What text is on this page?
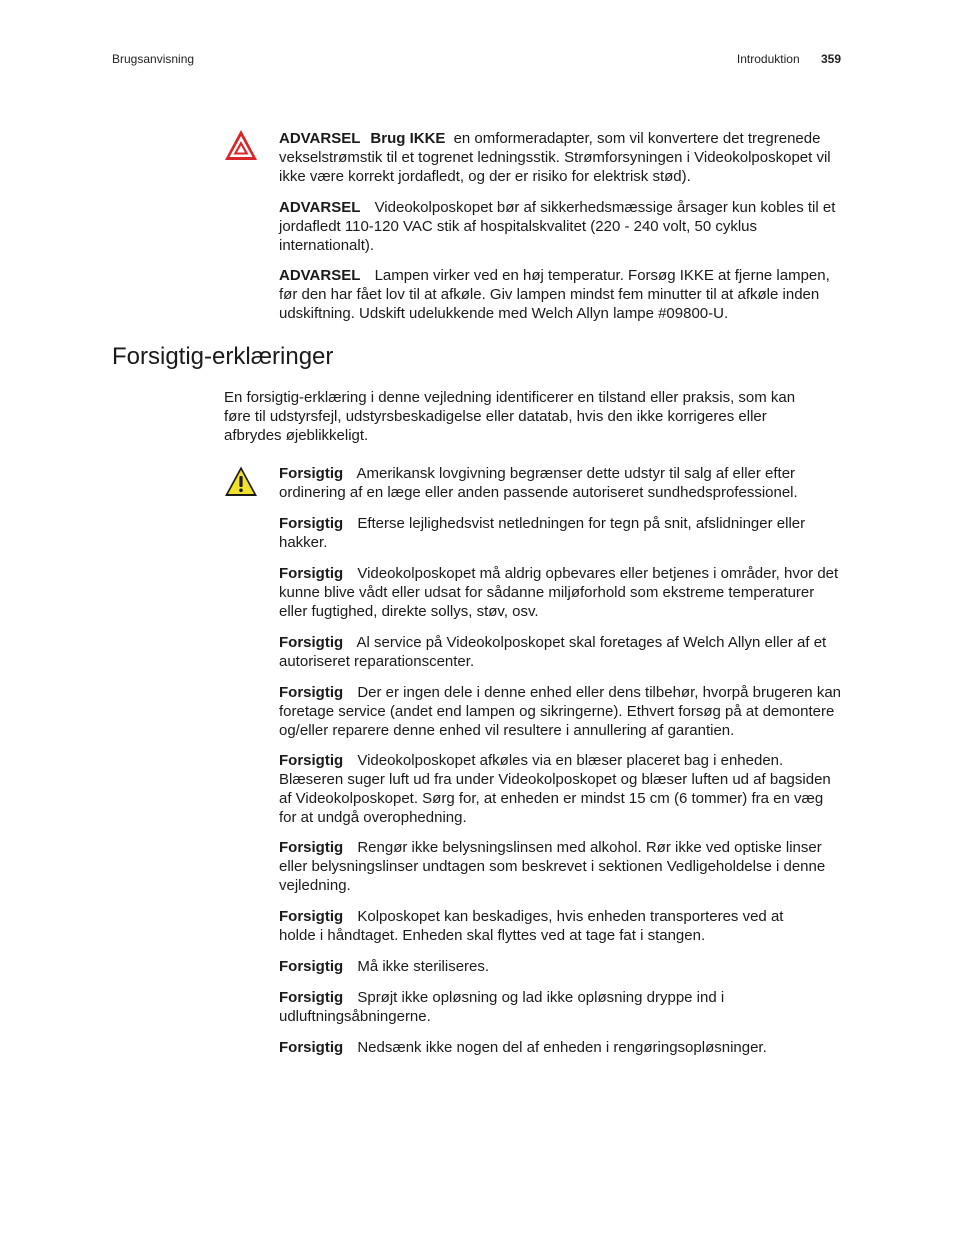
Brugsanvisning	Introduktion 359

ADVARSEL Brug IKKE en omformeradapter, som vil konvertere det tregrenede vekselstrømstik til et togrenet ledningsstik. Strømforsyningen i Videokolposkopet vil ikke være korrekt jordafledt, og der er risiko for elektrisk stød).

ADVARSEL Videokolposkopet bør af sikkerhedsmæssige årsager kun kobles til et jordafledt 110-120 VAC stik af hospitalskvalitet (220 - 240 volt, 50 cyklus internationalt).

ADVARSEL Lampen virker ved en høj temperatur. Forsøg IKKE at fjerne lampen, før den har fået lov til at afkøle. Giv lampen mindst fem minutter til at afkøle inden udskiftning. Udskift udelukkende med Welch Allyn lampe #09800-U.

Forsigtig-erklæringer

En forsigtig-erklæring i denne vejledning identificerer en tilstand eller praksis, som kan føre til udstyrsfejl, udstyrsbeskadigelse eller datatab, hvis den ikke korrigeres eller afbrydes øjeblikkeligt.

Forsigtig Amerikansk lovgivning begrænser dette udstyr til salg af eller efter ordinering af en læge eller anden passende autoriseret sundhedsprofessionel.

Forsigtig Efterse lejlighedsvist netledningen for tegn på snit, afslidninger eller hakker.

Forsigtig Videokolposkopet må aldrig opbevares eller betjenes i områder, hvor det kunne blive vådt eller udsat for sådanne miljøforhold som ekstreme temperaturer eller fugtighed, direkte sollys, støv, osv.

Forsigtig Al service på Videokolposkopet skal foretages af Welch Allyn eller af et autoriseret reparationscenter.

Forsigtig Der er ingen dele i denne enhed eller dens tilbehør, hvorpå brugeren kan foretage service (andet end lampen og sikringerne). Ethvert forsøg på at demontere og/eller reparere denne enhed vil resultere i annullering af garantien.

Forsigtig Videokolposkopet afkøles via en blæser placeret bag i enheden. Blæseren suger luft ud fra under Videokolposkopet og blæser luften ud af bagsiden af Videokolposkopet. Sørg for, at enheden er mindst 15 cm (6 tommer) fra en væg for at undgå overophedning.

Forsigtig Rengør ikke belysningslinsen med alkohol. Rør ikke ved optiske linser eller belysningslinser undtagen som beskrevet i sektionen Vedligeholdelse i denne vejledning.

Forsigtig Kolposkopet kan beskadiges, hvis enheden transporteres ved at holde i håndtaget. Enheden skal flyttes ved at tage fat i stangen.

Forsigtig Må ikke steriliseres.

Forsigtig Sprøjt ikke opløsning og lad ikke opløsning dryppe ind i udluftningsåbningerne.

Forsigtig Nedsænk ikke nogen del af enheden i rengøringsopløsninger.
